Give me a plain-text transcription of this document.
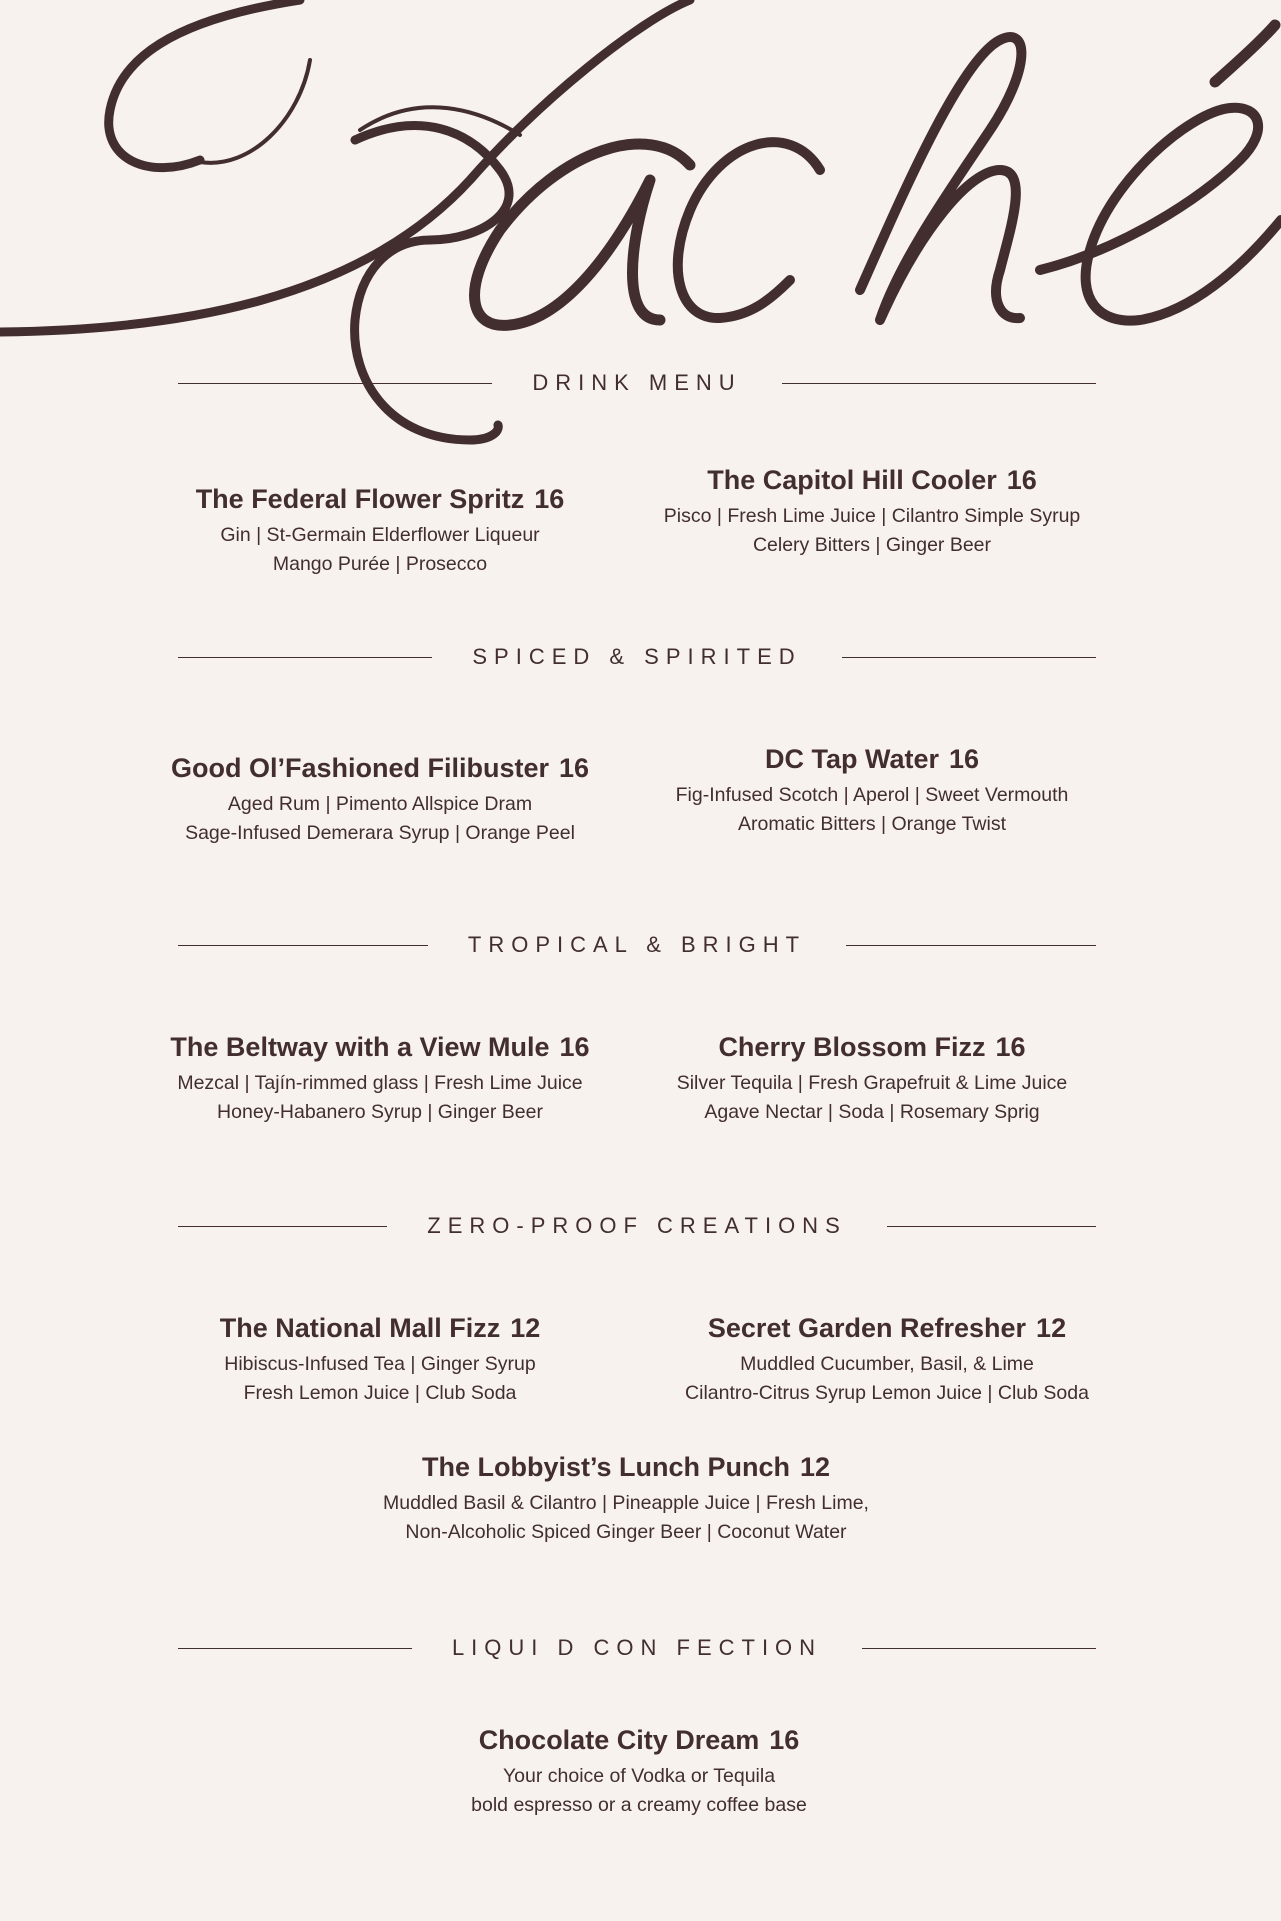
DRINK MENU
The Federal Flower Spritz 16
Gin | St-Germain Elderflower Liqueur
Mango Purée | Prosecco
The Capitol Hill Cooler 16
Pisco | Fresh Lime Juice | Cilantro Simple Syrup
Celery Bitters | Ginger Beer
SPICED & SPIRITED
Good Ol’Fashioned Filibuster 16
Aged Rum | Pimento Allspice Dram
Sage-Infused Demerara Syrup | Orange Peel
DC Tap Water 16
Fig-Infused Scotch | Aperol | Sweet Vermouth
Aromatic Bitters | Orange Twist
TROPICAL & BRIGHT
The Beltway with a View Mule 16
Mezcal | Tajín-rimmed glass | Fresh Lime Juice
Honey-Habanero Syrup | Ginger Beer
Cherry Blossom Fizz 16
Silver Tequila | Fresh Grapefruit & Lime Juice
Agave Nectar | Soda | Rosemary Sprig
ZERO-PROOF CREATIONS
The National Mall Fizz 12
Hibiscus-Infused Tea | Ginger Syrup
Fresh Lemon Juice | Club Soda
Secret Garden Refresher 12
Muddled Cucumber, Basil, & Lime
Cilantro-Citrus Syrup Lemon Juice | Club Soda
The Lobbyist’s Lunch Punch 12
Muddled Basil & Cilantro | Pineapple Juice | Fresh Lime,
Non-Alcoholic Spiced Ginger Beer | Coconut Water
LIQUI D CON FECTION
Chocolate City Dream 16
Your choice of Vodka or Tequila
bold espresso or a creamy coffee base
